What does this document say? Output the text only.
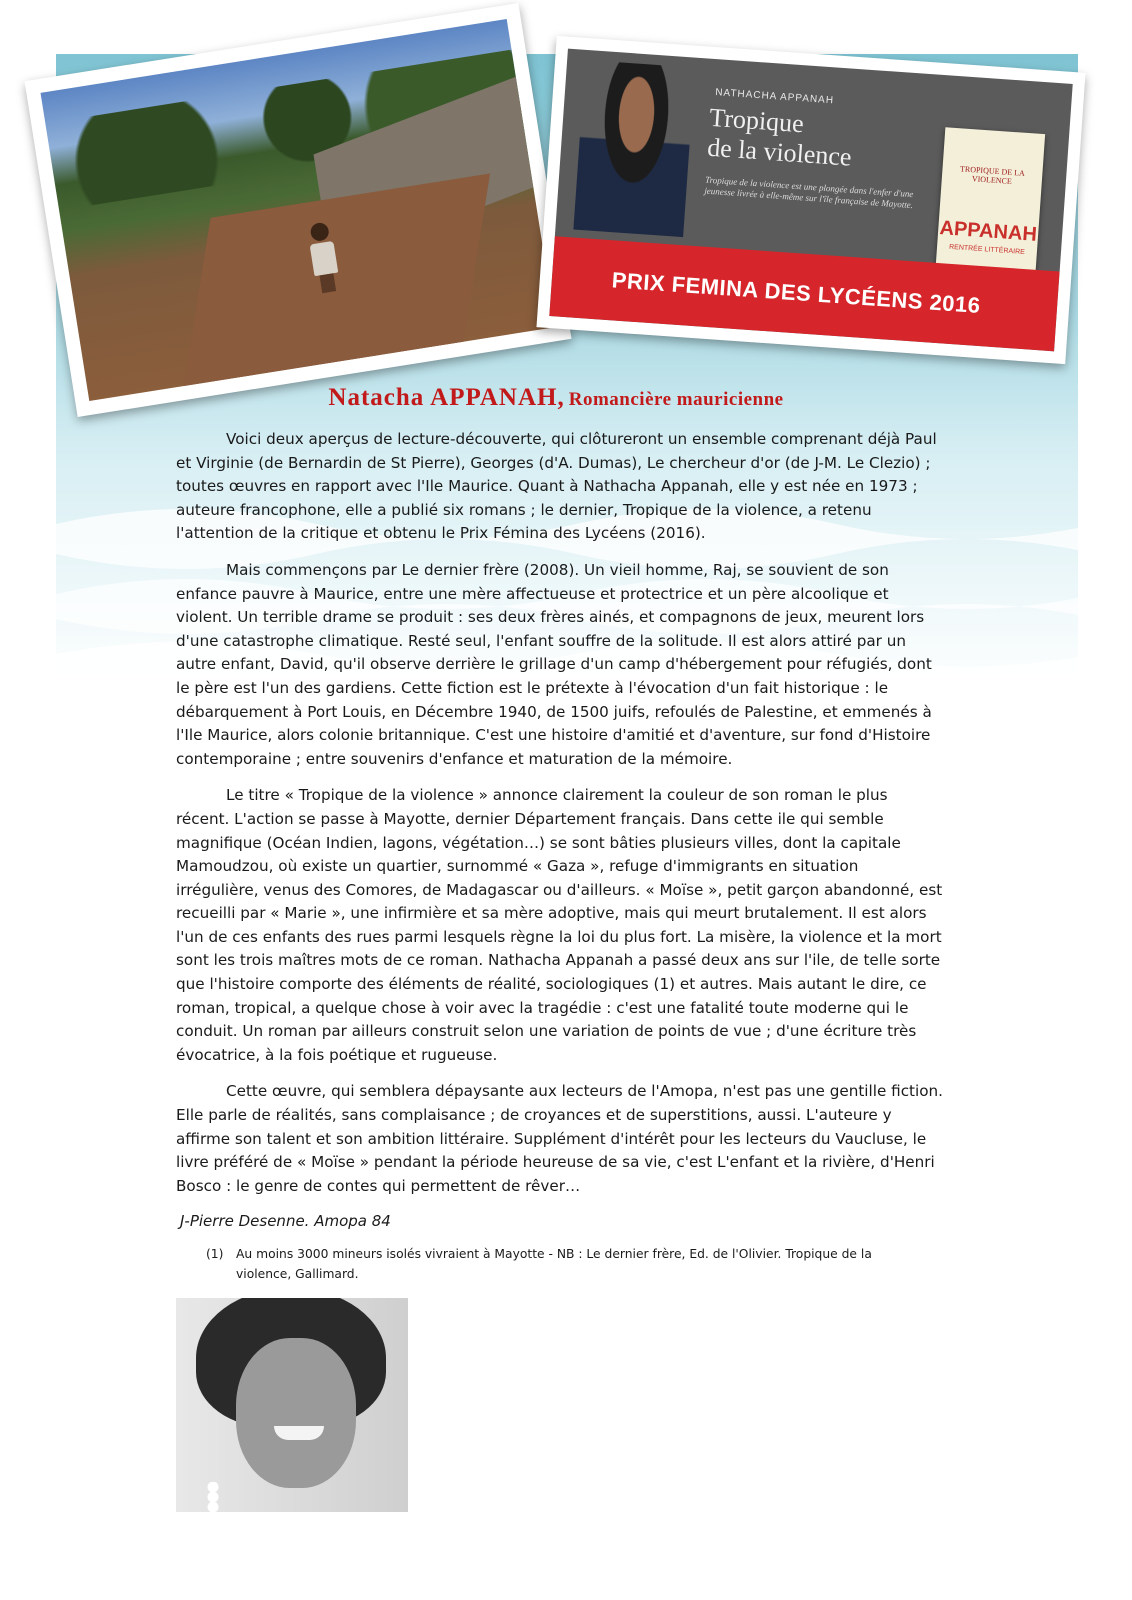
NATHACHA APPANAH
Tropique
de la violence
Tropique de la violence est une plongée dans l'enfer d'une jeunesse livrée à elle-même sur l'île française de Mayotte.
TROPIQUE DE LA VIOLENCE
APPANAH
RENTRÉE LITTÉRAIRE
PRIX FEMINA DES LYCÉENS 2016
Natacha APPANAH, Romancière mauricienne

Voici deux aperçus de lecture-découverte, qui clôtureront un ensemble comprenant déjà Paul et Virginie (de Bernardin de St Pierre), Georges (d'A. Dumas), Le chercheur d'or (de J-M. Le Clezio) ; toutes œuvres en rapport avec l'Ile Maurice. Quant à Nathacha Appanah, elle y est née en 1973 ; auteure francophone, elle a publié six romans ; le dernier, Tropique de la violence, a retenu l'attention de la critique et obtenu le Prix Fémina des Lycéens (2016).

Mais commençons par Le dernier frère (2008). Un vieil homme, Raj, se souvient de son enfance pauvre à Maurice, entre une mère affectueuse et protectrice et un père alcoolique et violent. Un terrible drame se produit : ses deux frères ainés, et compagnons de jeux, meurent lors d'une catastrophe climatique. Resté seul, l'enfant souffre de la solitude. Il est alors attiré par un autre enfant, David, qu'il observe derrière le grillage d'un camp d'hébergement pour réfugiés, dont le père est l'un des gardiens. Cette fiction est le prétexte à l'évocation d'un fait historique : le débarquement à Port Louis, en Décembre 1940, de 1500 juifs, refoulés de Palestine, et emmenés à l'Ile Maurice, alors colonie britannique. C'est une histoire d'amitié et d'aventure, sur fond d'Histoire contemporaine ; entre souvenirs d'enfance et maturation de la mémoire.

Le titre « Tropique de la violence » annonce clairement la couleur de son roman le plus récent. L'action se passe à Mayotte, dernier Département français. Dans cette ile qui semble magnifique (Océan Indien, lagons, végétation…) se sont bâties plusieurs villes, dont la capitale Mamoudzou, où existe un quartier, surnommé « Gaza », refuge d'immigrants en situation irrégulière, venus des Comores, de Madagascar ou d'ailleurs. « Moïse », petit garçon abandonné, est recueilli par « Marie », une infirmière et sa mère adoptive, mais qui meurt brutalement. Il est alors l'un de ces enfants des rues parmi lesquels règne la loi du plus fort. La misère, la violence et la mort sont les trois maîtres mots de ce roman. Nathacha Appanah a passé deux ans sur l'ile, de telle sorte que l'histoire comporte des éléments de réalité, sociologiques (1) et autres. Mais autant le dire, ce roman, tropical, a quelque chose à voir avec la tragédie : c'est une fatalité toute moderne qui le conduit. Un roman par ailleurs construit selon une variation de points de vue ; d'une écriture très évocatrice, à la fois poétique et rugueuse.

Cette œuvre, qui semblera dépaysante aux lecteurs de l'Amopa, n'est pas une gentille fiction. Elle parle de réalités, sans complaisance ; de croyances et de superstitions, aussi. L'auteure y affirme son talent et son ambition littéraire. Supplément d'intérêt pour les lecteurs du Vaucluse, le livre préféré de « Moïse » pendant la période heureuse de sa vie, c'est L'enfant et la rivière, d'Henri Bosco : le genre de contes qui permettent de rêver…

J-Pierre Desenne. Amopa 84
(1) Au moins 3000 mineurs isolés vivraient à Mayotte - NB : Le dernier frère, Ed. de l'Olivier. Tropique de la violence, Gallimard.
